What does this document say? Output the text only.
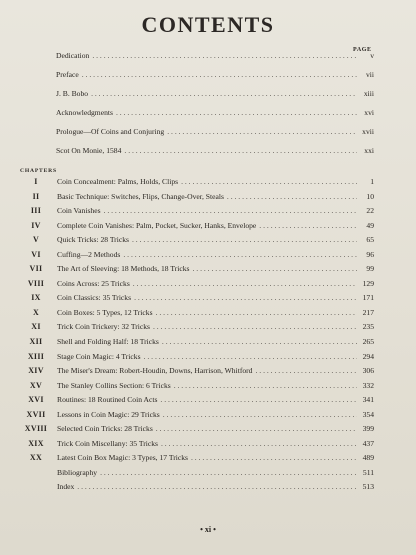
CONTENTS
PAGE
Dedication . . .	v
Preface . . .	vii
J. B. Bobo . . .	xiii
Acknowledgments . . .	xvi
Prologue—Of Coins and Conjuring . . .	xvii
Scot On Monie, 1584 . . .	xxi
CHAPTERS
I	Coin Concealment: Palms, Holds, Clips . . .	1
II	Basic Technique: Switches, Flips, Change-Over, Steals . . .	10
III	Coin Vanishes . . .	22
IV	Complete Coin Vanishes: Palm, Pocket, Sucker, Hanks, Envelope . . .	49
V	Quick Tricks: 28 Tricks . . .	65
VI	Cuffing—2 Methods . . .	96
VII	The Art of Sleeving: 18 Methods, 18 Tricks . . .	99
VIII	Coins Across: 25 Tricks . . .	129
IX	Coin Classics: 35 Tricks . . .	171
X	Coin Boxes: 5 Types, 12 Tricks . . .	217
XI	Trick Coin Trickery: 32 Tricks . . .	235
XII	Shell and Folding Half: 18 Tricks . . .	265
XIII	Stage Coin Magic: 4 Tricks . . .	294
XIV	The Miser's Dream: Robert-Houdin, Downs, Harrison, Whitford . . .	306
XV	The Stanley Collins Section: 6 Tricks . . .	332
XVI	Routines: 18 Routined Coin Acts . . .	341
XVII	Lessons in Coin Magic: 29 Tricks . . .	354
XVIII	Selected Coin Tricks: 28 Tricks . . .	399
XIX	Trick Coin Miscellany: 35 Tricks . . .	437
XX	Latest Coin Box Magic: 3 Types, 17 Tricks . . .	489
Bibliography . . .	511
Index . . .	513
• xi •
